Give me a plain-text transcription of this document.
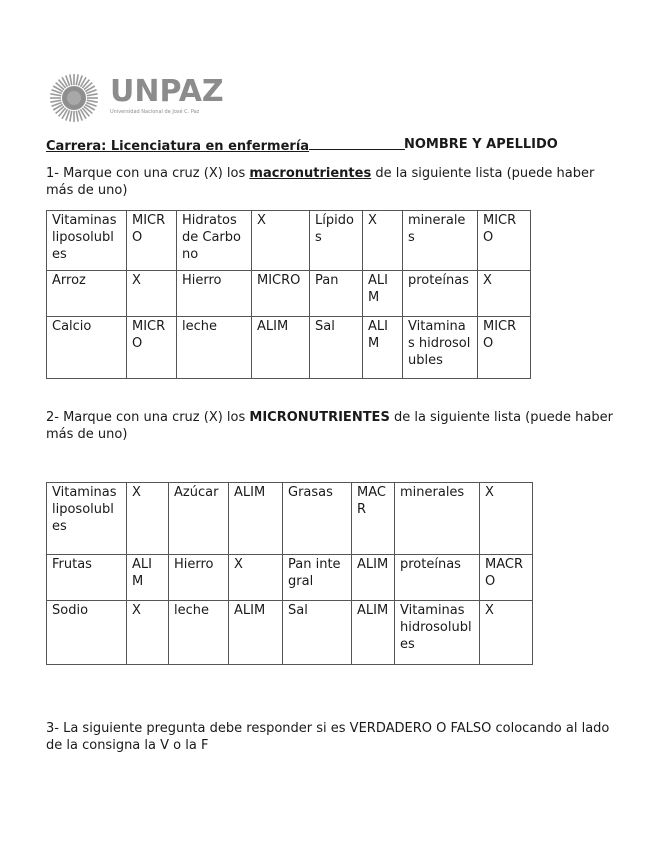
UNPAZ
Universidad Nacional de José C. Paz
Carrera: Licenciatura en enfermería	NOMBRE Y APELLIDO
1- Marque con una cruz (X) los macronutrientes de la siguiente lista (puede haber más de uno)
Vitaminas liposolubles	MICRO	Hidratos de Carbono	X	Lípidos	X	minerales	MICRO
Arroz	X	Hierro	MICRO	Pan	ALIM	proteínas	X
Calcio	MICRO	leche	ALIM	Sal	ALIM	Vitaminas hidrosolubles	MICRO
2- Marque con una cruz (X) los MICRONUTRIENTES de la siguiente lista (puede haber más de uno)
Vitaminas liposolubles	X	Azúcar	ALIM	Grasas	MACR	minerales	X
Frutas	ALIM	Hierro	X	Pan integral	ALIM	proteínas	MACRO
Sodio	X	leche	ALIM	Sal	ALIM	Vitaminas hidrosolubles	X
3- La siguiente pregunta debe responder si es VERDADERO O FALSO colocando al lado de la consigna la V o la F
